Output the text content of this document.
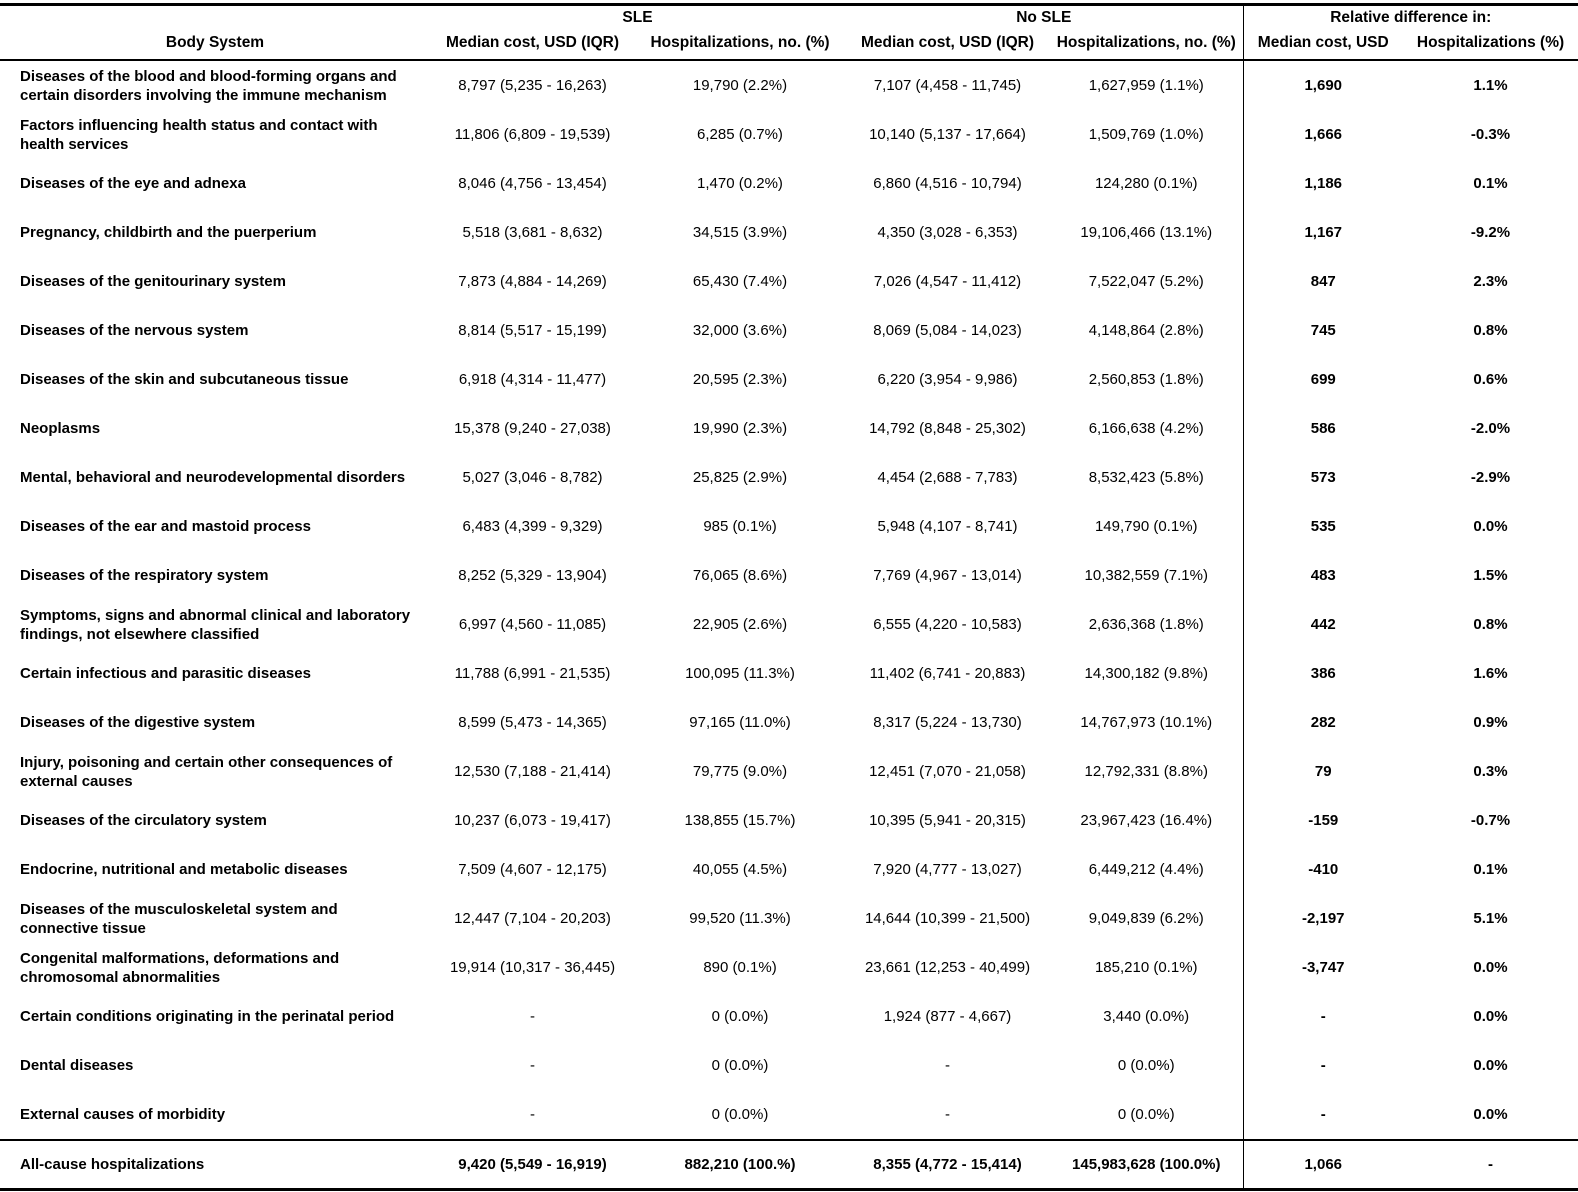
	SLE		No SLE		Relative difference in:	
Body System	Median cost, USD (IQR)	Hospitalizations, no. (%)	Median cost, USD (IQR)	Hospitalizations, no. (%)	Median cost, USD	Hospitalizations (%)
Diseases of the blood and blood-forming organs and certain disorders involving the immune mechanism	8,797 (5,235 - 16,263)	19,790 (2.2%)	7,107 (4,458 - 11,745)	1,627,959 (1.1%)	1,690	1.1%
Factors influencing health status and contact with health services	11,806 (6,809 - 19,539)	6,285 (0.7%)	10,140 (5,137 - 17,664)	1,509,769 (1.0%)	1,666	-0.3%
Diseases of the eye and adnexa	8,046 (4,756 - 13,454)	1,470 (0.2%)	6,860 (4,516 - 10,794)	124,280 (0.1%)	1,186	0.1%
Pregnancy, childbirth and the puerperium	5,518 (3,681 - 8,632)	34,515 (3.9%)	4,350 (3,028 - 6,353)	19,106,466 (13.1%)	1,167	-9.2%
Diseases of the genitourinary system	7,873 (4,884 - 14,269)	65,430 (7.4%)	7,026 (4,547 - 11,412)	7,522,047 (5.2%)	847	2.3%
Diseases of the nervous system	8,814 (5,517 - 15,199)	32,000 (3.6%)	8,069 (5,084 - 14,023)	4,148,864 (2.8%)	745	0.8%
Diseases of the skin and subcutaneous tissue	6,918 (4,314 - 11,477)	20,595 (2.3%)	6,220 (3,954 - 9,986)	2,560,853 (1.8%)	699	0.6%
Neoplasms	15,378 (9,240 - 27,038)	19,990 (2.3%)	14,792 (8,848 - 25,302)	6,166,638 (4.2%)	586	-2.0%
Mental, behavioral and neurodevelopmental disorders	5,027 (3,046 - 8,782)	25,825 (2.9%)	4,454 (2,688 - 7,783)	8,532,423 (5.8%)	573	-2.9%
Diseases of the ear and mastoid process	6,483 (4,399 - 9,329)	985 (0.1%)	5,948 (4,107 - 8,741)	149,790 (0.1%)	535	0.0%
Diseases of the respiratory system	8,252 (5,329 - 13,904)	76,065 (8.6%)	7,769 (4,967 - 13,014)	10,382,559 (7.1%)	483	1.5%
Symptoms, signs and abnormal clinical and laboratory findings, not elsewhere classified	6,997 (4,560 - 11,085)	22,905 (2.6%)	6,555 (4,220 - 10,583)	2,636,368 (1.8%)	442	0.8%
Certain infectious and parasitic diseases	11,788 (6,991 - 21,535)	100,095 (11.3%)	11,402 (6,741 - 20,883)	14,300,182 (9.8%)	386	1.6%
Diseases of the digestive system	8,599 (5,473 - 14,365)	97,165 (11.0%)	8,317 (5,224 - 13,730)	14,767,973 (10.1%)	282	0.9%
Injury, poisoning and certain other consequences of external causes	12,530 (7,188 - 21,414)	79,775 (9.0%)	12,451 (7,070 - 21,058)	12,792,331 (8.8%)	79	0.3%
Diseases of the circulatory system	10,237 (6,073 - 19,417)	138,855 (15.7%)	10,395 (5,941 - 20,315)	23,967,423 (16.4%)	-159	-0.7%
Endocrine, nutritional and metabolic diseases	7,509 (4,607 - 12,175)	40,055 (4.5%)	7,920 (4,777 - 13,027)	6,449,212 (4.4%)	-410	0.1%
Diseases of the musculoskeletal system and connective tissue	12,447 (7,104 - 20,203)	99,520 (11.3%)	14,644 (10,399 - 21,500)	9,049,839 (6.2%)	-2,197	5.1%
Congenital malformations, deformations and chromosomal abnormalities	19,914 (10,317 - 36,445)	890 (0.1%)	23,661 (12,253 - 40,499)	185,210 (0.1%)	-3,747	0.0%
Certain conditions originating in the perinatal period	-	0 (0.0%)	1,924 (877 - 4,667)	3,440 (0.0%)	-	0.0%
Dental diseases	-	0 (0.0%)	-	0 (0.0%)	-	0.0%
External causes of morbidity	-	0 (0.0%)	-	0 (0.0%)	-	0.0%
All-cause hospitalizations	9,420 (5,549 - 16,919)	882,210 (100.%)	8,355 (4,772 - 15,414)	145,983,628 (100.0%)	1,066	-
